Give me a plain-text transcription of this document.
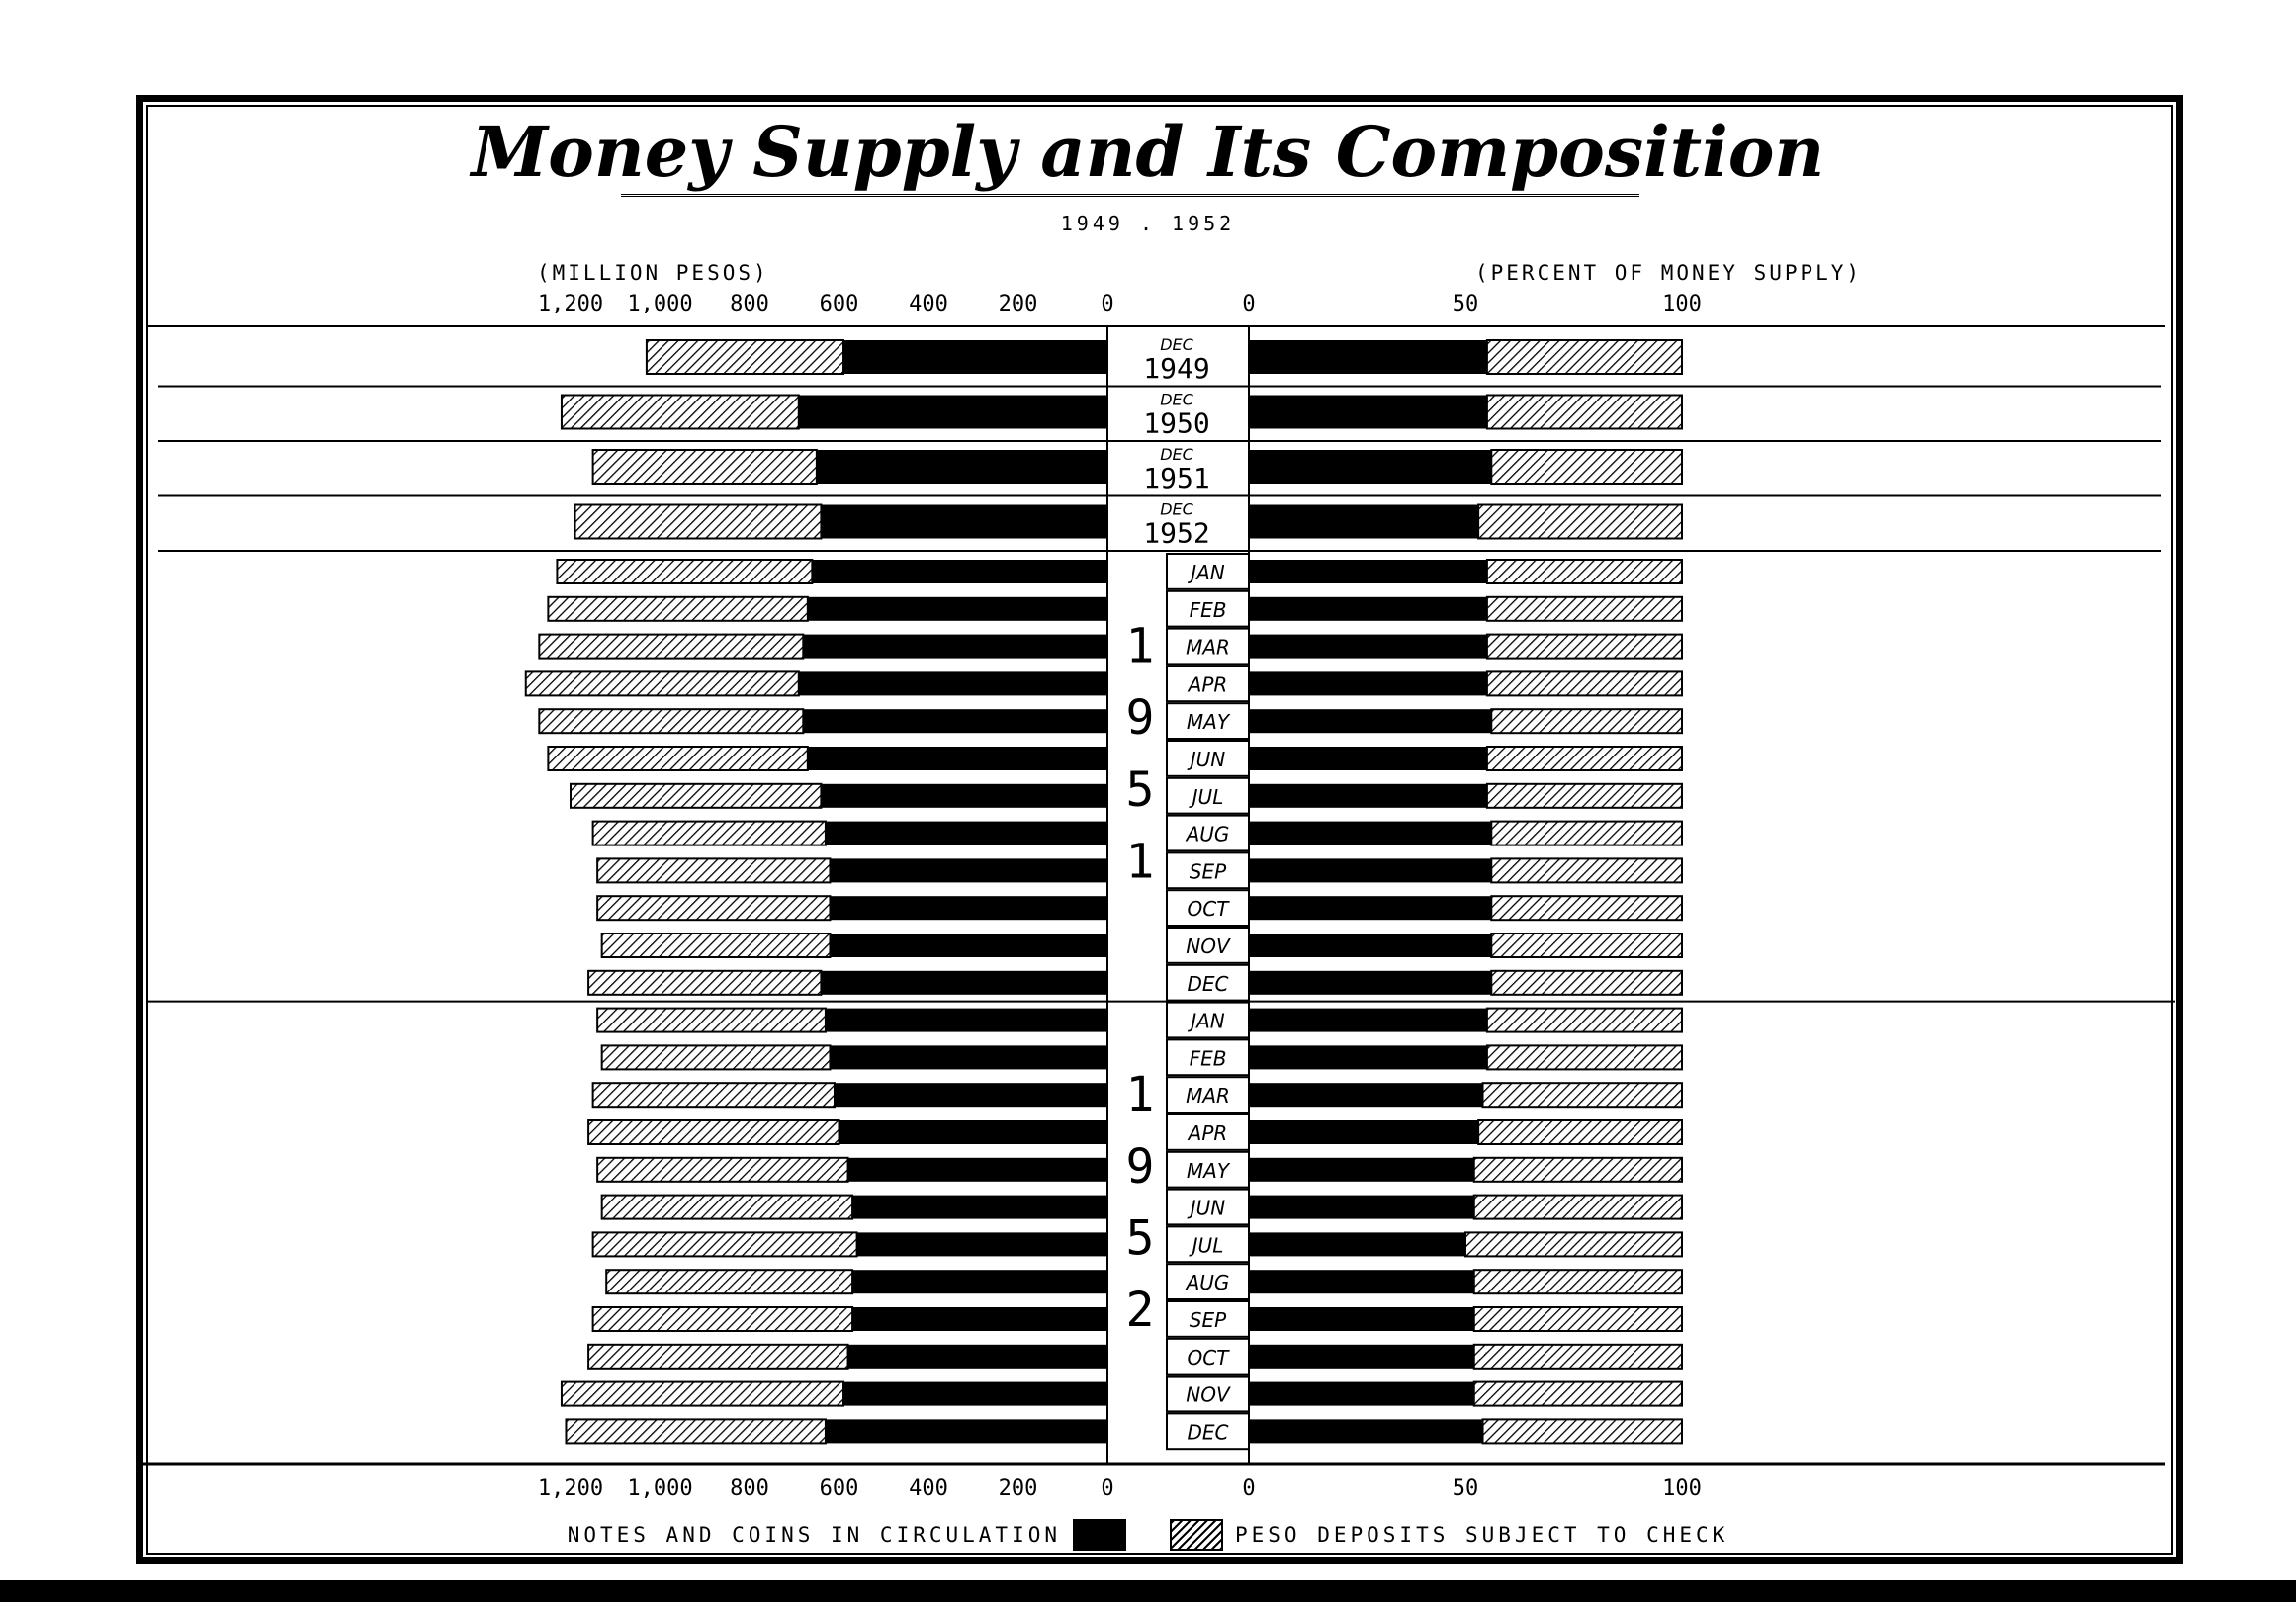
Money Supply and Its Composition
1949 . 1952
(MILLION PESOS)	(PERCENT OF MONEY SUPPLY)
1,200 1,000 800 600 400 200	0	0	50	100
1,200 1,000 800 600 400 200	0	0	50	100
DEC
1949
DEC
1950
DEC
1951
DEC
1952
JAN
FEB
MAR
APR
MAY
JUN
JUL
AUG
SEP
OCT
NOV
DEC
1
9
5
1
JAN
FEB
MAR
APR
MAY
JUN
JUL
AUG
SEP
OCT
NOV
DEC
1
9
5
2
NOTES AND COINS IN CIRCULATION	PESO DEPOSITS SUBJECT TO CHECK
